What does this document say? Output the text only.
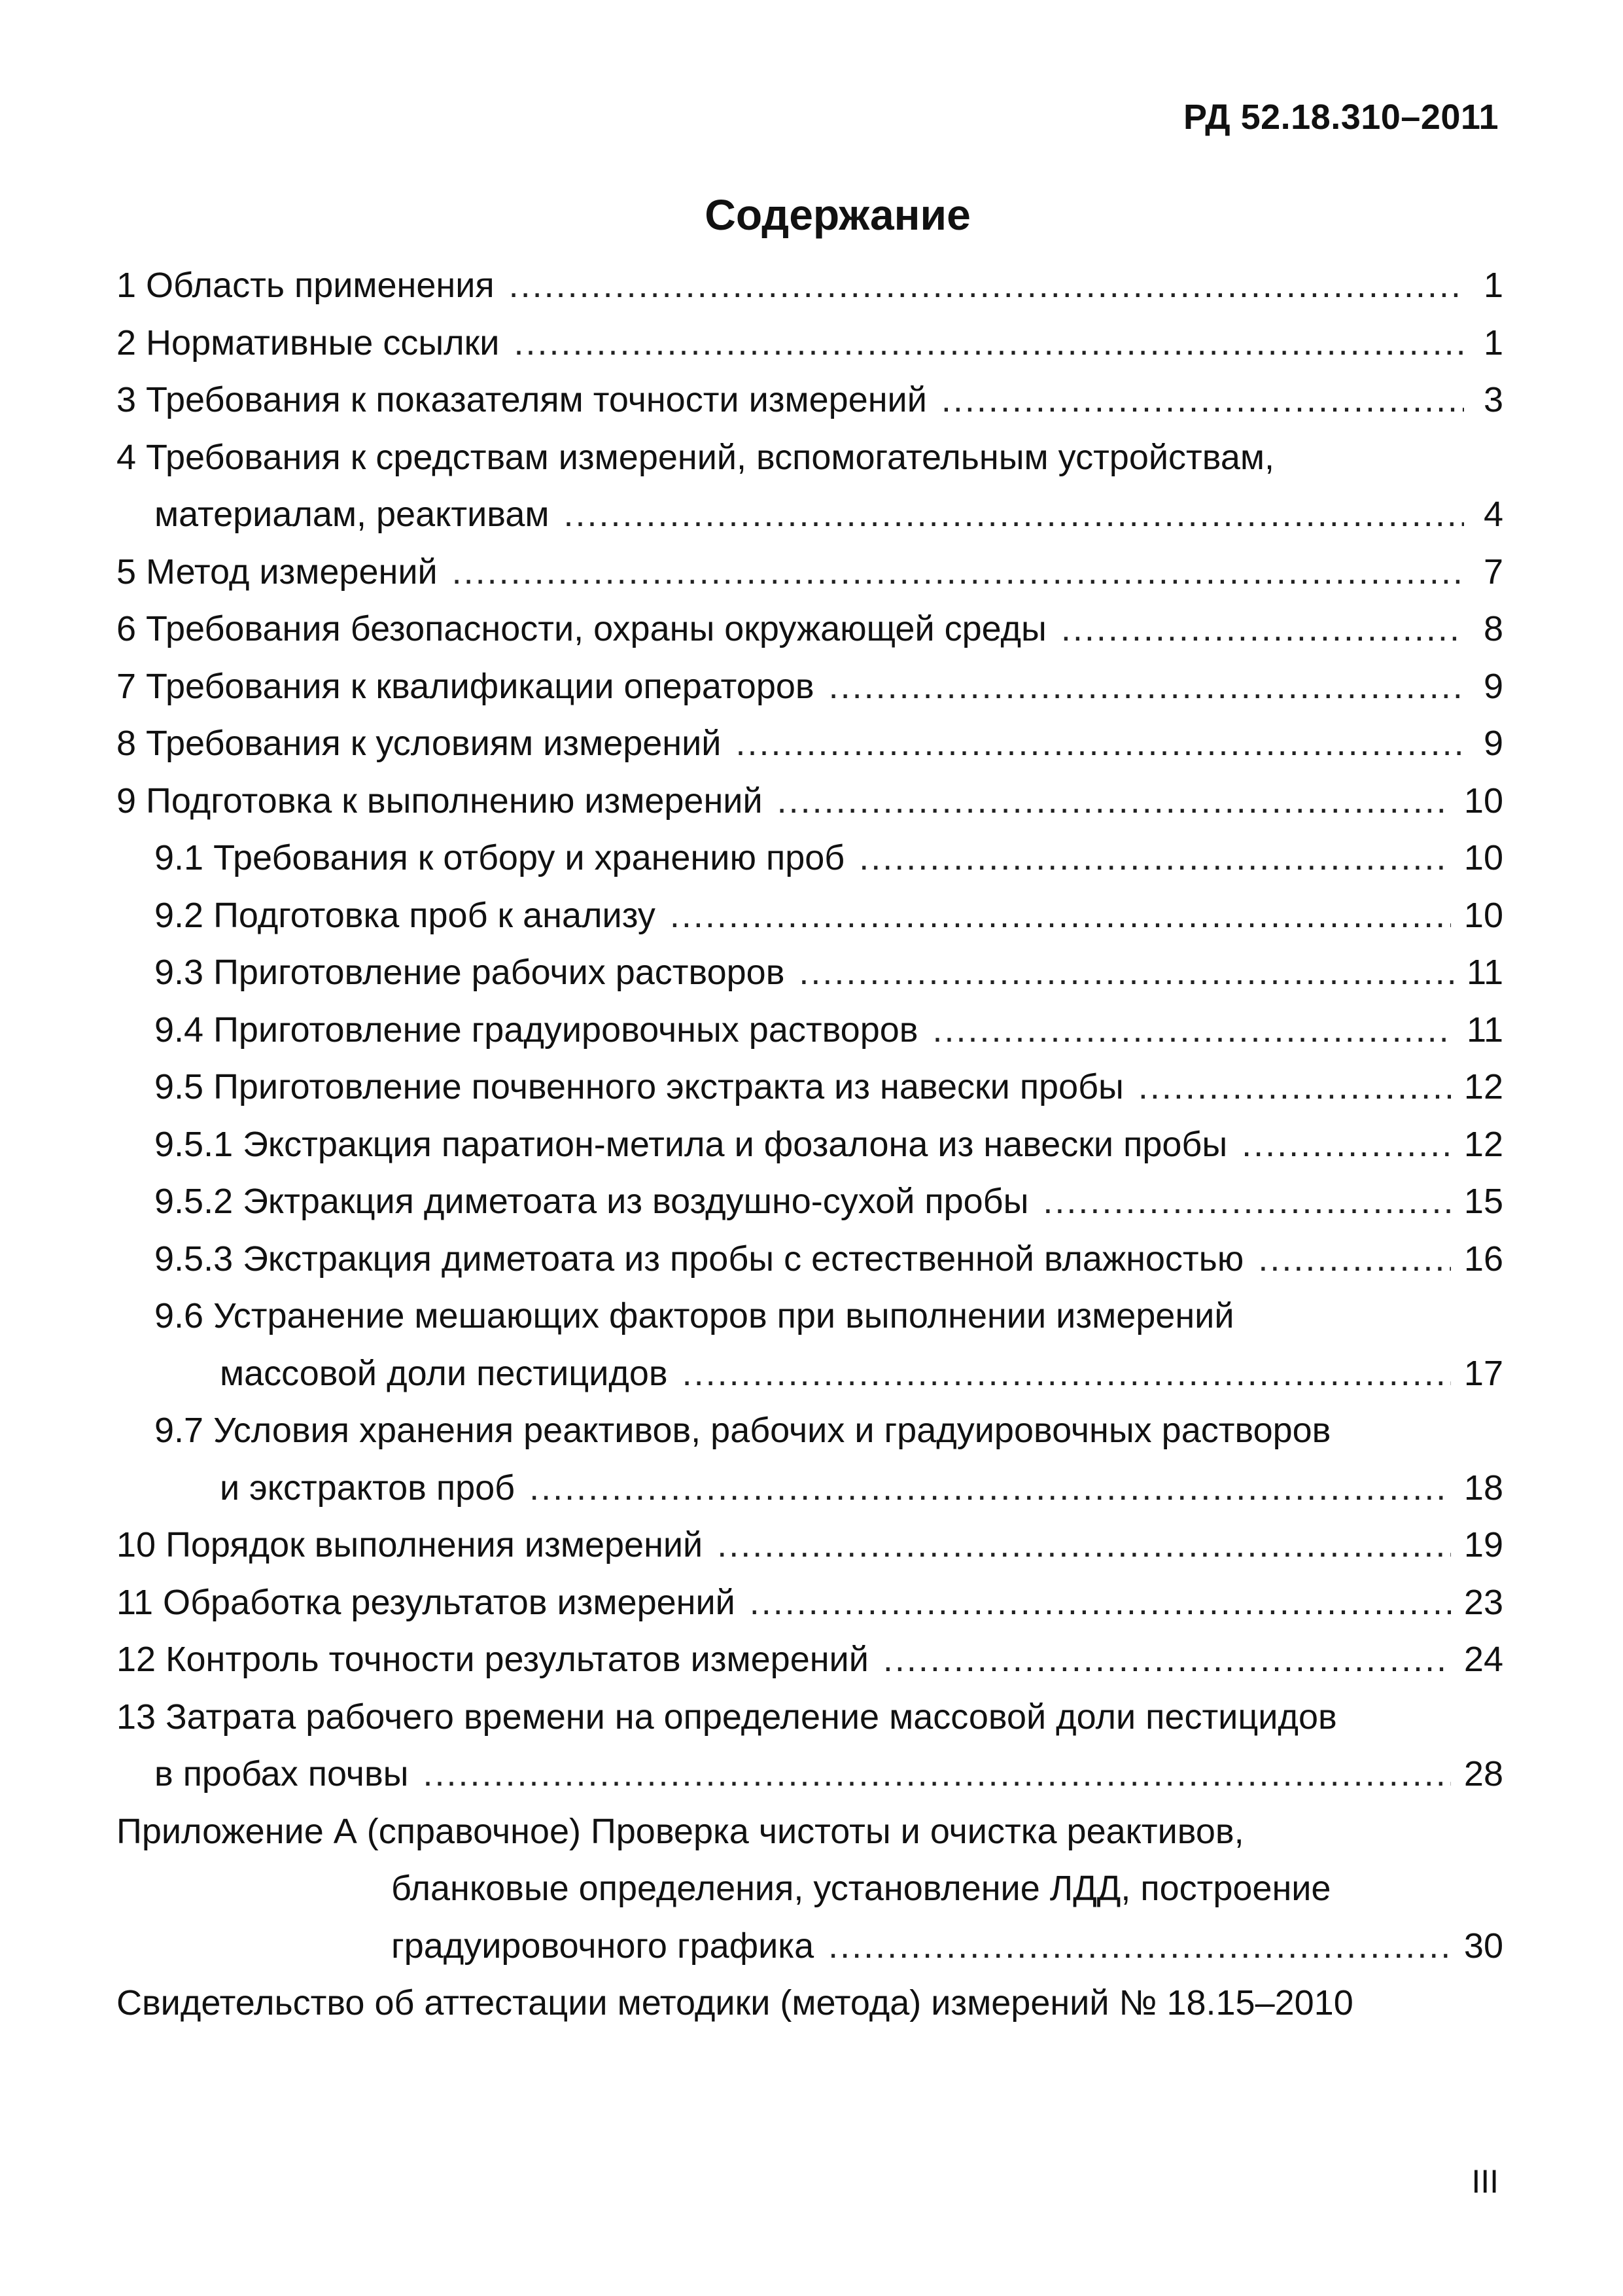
РД 52.18.310–2011
Содержание
1 Область применения .....	1
2 Нормативные ссылки .....	1
3 Требования к показателям точности измерений .....	3
4 Требования к средствам измерений, вспомогательным устройствам,
материалам, реактивам .....	4
5 Метод измерений .....	7
6 Требования безопасности, охраны окружающей среды .....	8
7 Требования к квалификации операторов .....	9
8 Требования к условиям измерений .....	9
9 Подготовка к выполнению измерений .....	10
9.1 Требования к отбору и хранению проб .....	10
9.2 Подготовка проб к анализу .....	10
9.3 Приготовление рабочих растворов .....	11
9.4 Приготовление градуировочных растворов .....	11
9.5 Приготовление почвенного экстракта из навески пробы .....	12
9.5.1 Экстракция паратион-метила и фозалона из навески пробы .....	12
9.5.2 Эктракция диметоата из воздушно-сухой пробы .....	15
9.5.3 Экстракция диметоата из пробы с естественной влажностью .....	16
9.6 Устранение мешающих факторов при выполнении измерений
массовой доли пестицидов .....	17
9.7 Условия хранения реактивов, рабочих и градуировочных растворов
и экстрактов проб .....	18
10 Порядок выполнения измерений .....	19
11 Обработка результатов измерений .....	23
12 Контроль точности результатов измерений .....	24
13 Затрата рабочего времени на определение массовой доли пестицидов
в пробах почвы .....	28
Приложение А (справочное) Проверка чистоты и очистка реактивов,
бланковые определения, установление ЛДД, построение
градуировочного графика .....	30
Свидетельство об аттестации методики (метода) измерений № 18.15–2010
III
